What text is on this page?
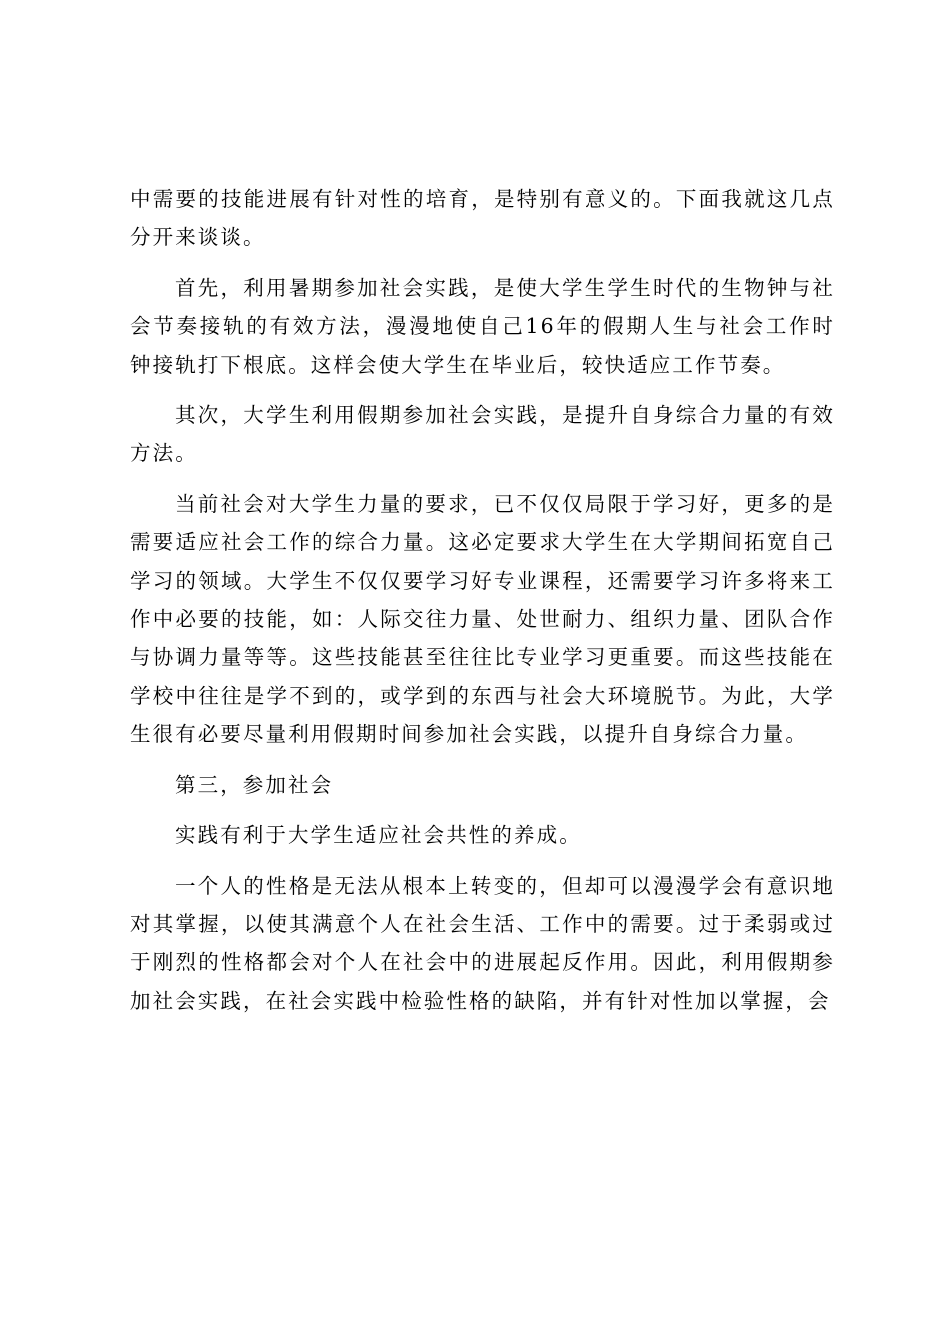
中需要的技能进展有针对性的培育，是特别有意义的。下面我就这几点分开来谈谈。

首先，利用暑期参加社会实践，是使大学生学生时代的生物钟与社会节奏接轨的有效方法，漫漫地使自己16年的假期人生与社会工作时钟接轨打下根底。这样会使大学生在毕业后，较快适应工作节奏。

其次，大学生利用假期参加社会实践，是提升自身综合力量的有效方法。

当前社会对大学生力量的要求，已不仅仅局限于学习好，更多的是需要适应社会工作的综合力量。这必定要求大学生在大学期间拓宽自己学习的领域。大学生不仅仅要学习好专业课程，还需要学习许多将来工作中必要的技能，如：人际交往力量、处世耐力、组织力量、团队合作与协调力量等等。这些技能甚至往往比专业学习更重要。而这些技能在学校中往往是学不到的，或学到的东西与社会大环境脱节。为此，大学生很有必要尽量利用假期时间参加社会实践，以提升自身综合力量。

第三，参加社会

实践有利于大学生适应社会共性的养成。

一个人的性格是无法从根本上转变的，但却可以漫漫学会有意识地对其掌握，以使其满意个人在社会生活、工作中的需要。过于柔弱或过于刚烈的性格都会对个人在社会中的进展起反作用。因此，利用假期参加社会实践，在社会实践中检验性格的缺陷，并有针对性加以掌握，会
